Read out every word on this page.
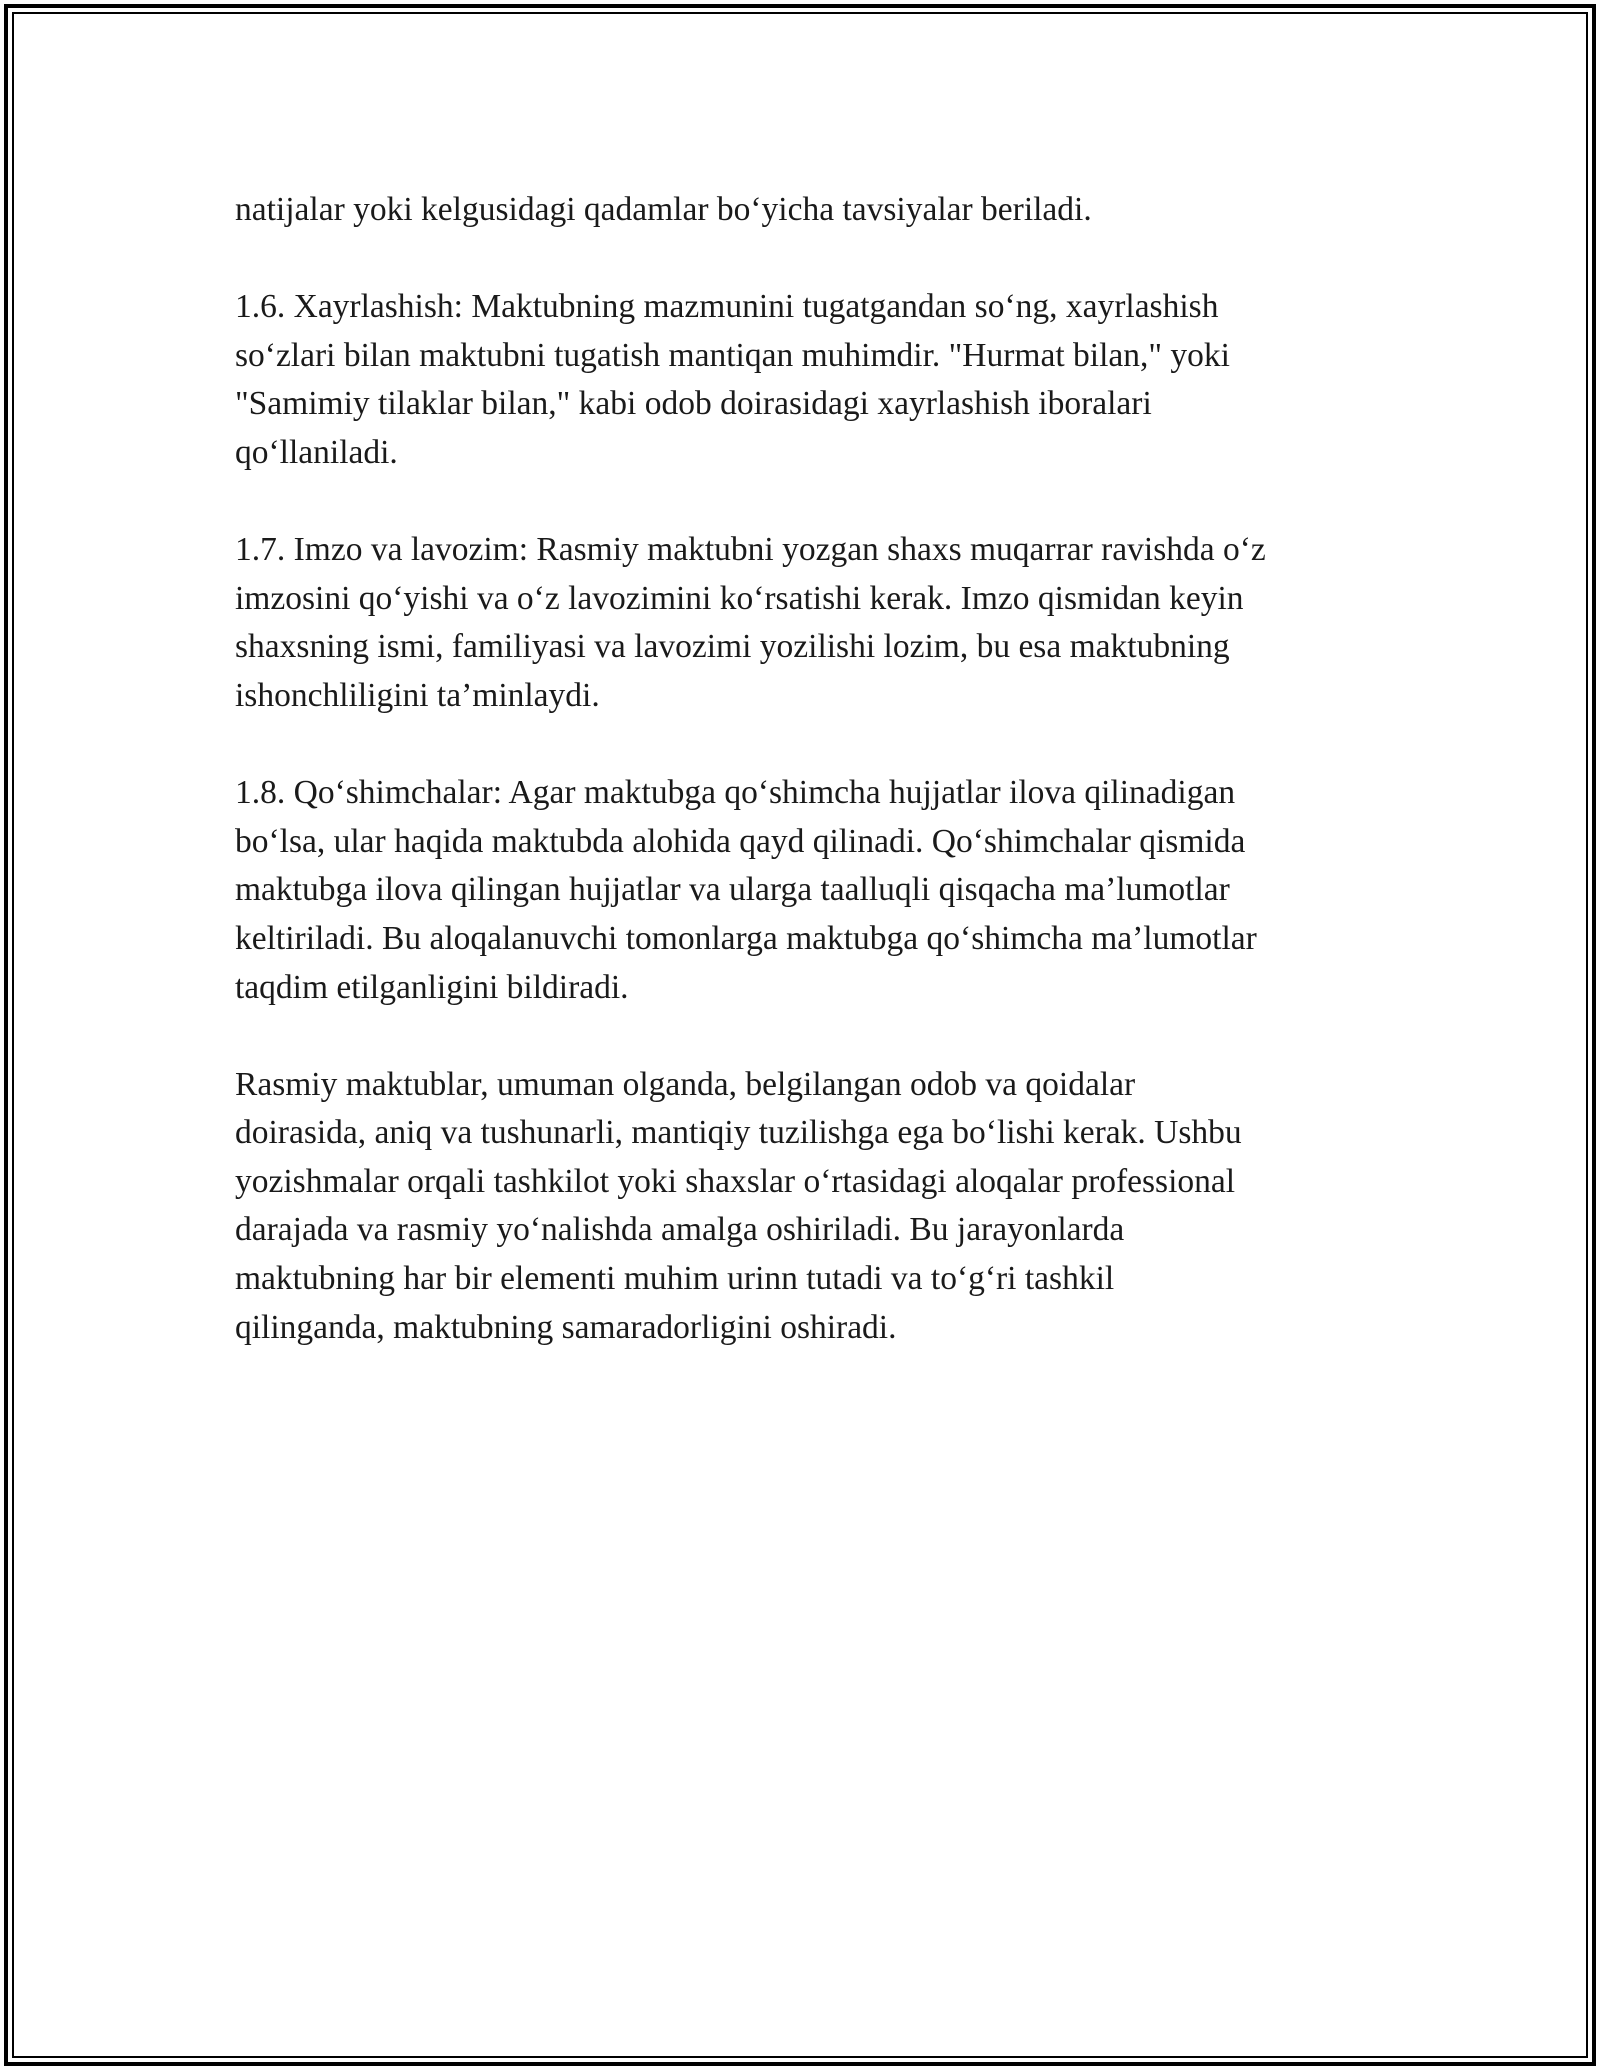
natijalar yoki kelgusidagi qadamlar bo‘yicha tavsiyalar beriladi.

1.6. Xayrlashish: Maktubning mazmunini tugatgandan so‘ng, xayrlashish
so‘zlari bilan maktubni tugatish mantiqan muhimdir. "Hurmat bilan," yoki
"Samimiy tilaklar bilan," kabi odob doirasidagi xayrlashish iboralari
qo‘llaniladi.

1.7. Imzo va lavozim: Rasmiy maktubni yozgan shaxs muqarrar ravishda o‘z
imzosini qo‘yishi va o‘z lavozimini ko‘rsatishi kerak. Imzo qismidan keyin
shaxsning ismi, familiyasi va lavozimi yozilishi lozim, bu esa maktubning
ishonchliligini ta’minlaydi.

1.8. Qo‘shimchalar: Agar maktubga qo‘shimcha hujjatlar ilova qilinadigan
bo‘lsa, ular haqida maktubda alohida qayd qilinadi. Qo‘shimchalar qismida
maktubga ilova qilingan hujjatlar va ularga taalluqli qisqacha ma’lumotlar
keltiriladi. Bu aloqalanuvchi tomonlarga maktubga qo‘shimcha ma’lumotlar
taqdim etilganligini bildiradi.

Rasmiy maktublar, umuman olganda, belgilangan odob va qoidalar
doirasida, aniq va tushunarli, mantiqiy tuzilishga ega bo‘lishi kerak. Ushbu
yozishmalar orqali tashkilot yoki shaxslar o‘rtasidagi aloqalar professional
darajada va rasmiy yo‘nalishda amalga oshiriladi. Bu jarayonlarda
maktubning har bir elementi muhim urinn tutadi va to‘g‘ri tashkil
qilinganda, maktubning samaradorligini oshiradi.
